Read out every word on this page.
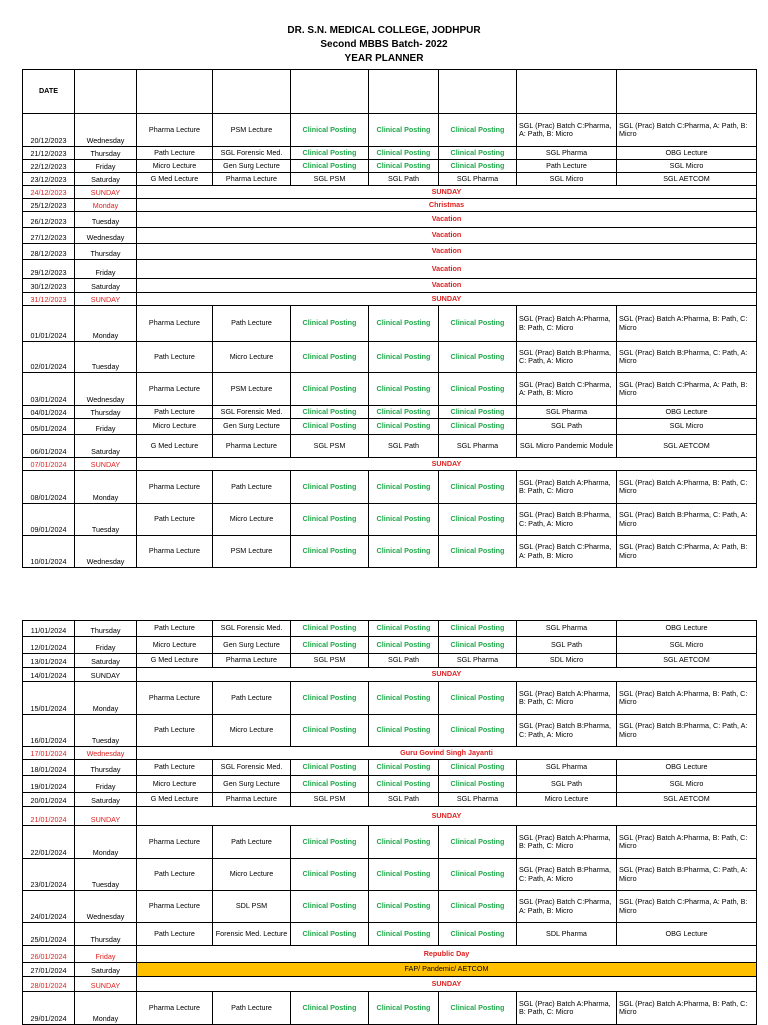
DR. S.N. MEDICAL COLLEGE, JODHPUR
Second MBBS Batch- 2022
YEAR PLANNER
DATE								
20/12/2023	Wednesday	Pharma Lecture	PSM Lecture	Clinical Posting	Clinical Posting	Clinical Posting	SGL (Prac) Batch C:Pharma, A: Path, B: Micro	SGL (Prac) Batch C:Pharma, A: Path, B: Micro
21/12/2023	Thursday	Path Lecture	SGL Forensic Med.	Clinical Posting	Clinical Posting	Clinical Posting	SGL Pharma	OBG Lecture
22/12/2023	Friday	Micro Lecture	Gen Surg Lecture	Clinical Posting	Clinical Posting	Clinical Posting	Path Lecture	SGL Micro
23/12/2023	Saturday	G Med Lecture	Pharma Lecture	SGL PSM	SGL Path	SGL Pharma	SGL Micro	SGL AETCOM
24/12/2023	SUNDAY	SUNDAY						
25/12/2023	Monday	Christmas						
26/12/2023	Tuesday	Vacation						
27/12/2023	Wednesday	Vacation						
28/12/2023	Thursday	Vacation						
29/12/2023	Friday	Vacation						
30/12/2023	Saturday	Vacation						
31/12/2023	SUNDAY	SUNDAY						
01/01/2024	Monday	Pharma Lecture	Path Lecture	Clinical Posting	Clinical Posting	Clinical Posting	SGL (Prac) Batch A:Pharma, B: Path, C: Micro	SGL (Prac) Batch A:Pharma, B: Path, C: Micro
02/01/2024	Tuesday	Path Lecture	Micro Lecture	Clinical Posting	Clinical Posting	Clinical Posting	SGL (Prac) Batch B:Pharma, C: Path, A: Micro	SGL (Prac) Batch B:Pharma, C: Path, A: Micro
03/01/2024	Wednesday	Pharma Lecture	PSM Lecture	Clinical Posting	Clinical Posting	Clinical Posting	SGL (Prac) Batch C:Pharma, A: Path, B: Micro	SGL (Prac) Batch C:Pharma, A: Path, B: Micro
04/01/2024	Thursday	Path Lecture	SGL Forensic Med.	Clinical Posting	Clinical Posting	Clinical Posting	SGL Pharma	OBG Lecture
05/01/2024	Friday	Micro Lecture	Gen Surg Lecture	Clinical Posting	Clinical Posting	Clinical Posting	SGL Path	SGL Micro
06/01/2024	Saturday	G Med Lecture	Pharma Lecture	SGL PSM	SGL Path	SGL Pharma	SGL Micro Pandemic Module	SGL AETCOM
07/01/2024	SUNDAY	SUNDAY						
08/01/2024	Monday	Pharma Lecture	Path Lecture	Clinical Posting	Clinical Posting	Clinical Posting	SGL (Prac) Batch A:Pharma, B: Path, C: Micro	SGL (Prac) Batch A:Pharma, B: Path, C: Micro
09/01/2024	Tuesday	Path Lecture	Micro Lecture	Clinical Posting	Clinical Posting	Clinical Posting	SGL (Prac) Batch B:Pharma, C: Path, A: Micro	SGL (Prac) Batch B:Pharma, C: Path, A: Micro
10/01/2024	Wednesday	Pharma Lecture	PSM Lecture	Clinical Posting	Clinical Posting	Clinical Posting	SGL (Prac) Batch C:Pharma, A: Path, B: Micro	SGL (Prac) Batch C:Pharma, A: Path, B: Micro
11/01/2024	Thursday	Path Lecture	SGL Forensic Med.	Clinical Posting	Clinical Posting	Clinical Posting	SGL Pharma	OBG Lecture
12/01/2024	Friday	Micro Lecture	Gen Surg Lecture	Clinical Posting	Clinical Posting	Clinical Posting	SGL Path	SGL Micro
13/01/2024	Saturday	G Med Lecture	Pharma Lecture	SGL PSM	SGL Path	SGL Pharma	SDL Micro	SGL AETCOM
14/01/2024	SUNDAY	SUNDAY						
15/01/2024	Monday	Pharma Lecture	Path Lecture	Clinical Posting	Clinical Posting	Clinical Posting	SGL (Prac) Batch A:Pharma, B: Path, C: Micro	SGL (Prac) Batch A:Pharma, B: Path, C: Micro
16/01/2024	Tuesday	Path Lecture	Micro Lecture	Clinical Posting	Clinical Posting	Clinical Posting	SGL (Prac) Batch B:Pharma, C: Path, A: Micro	SGL (Prac) Batch B:Pharma, C: Path, A: Micro
17/01/2024	Wednesday	Guru Govind Singh Jayanti						
18/01/2024	Thursday	Path Lecture	SGL Forensic Med.	Clinical Posting	Clinical Posting	Clinical Posting	SGL Pharma	OBG Lecture
19/01/2024	Friday	Micro Lecture	Gen Surg Lecture	Clinical Posting	Clinical Posting	Clinical Posting	SGL Path	SGL Micro
20/01/2024	Saturday	G Med Lecture	Pharma Lecture	SGL PSM	SGL Path	SGL Pharma	Micro Lecture	SGL AETCOM
21/01/2024	SUNDAY	SUNDAY						
22/01/2024	Monday	Pharma Lecture	Path Lecture	Clinical Posting	Clinical Posting	Clinical Posting	SGL (Prac) Batch A:Pharma, B: Path, C: Micro	SGL (Prac) Batch A:Pharma, B: Path, C: Micro
23/01/2024	Tuesday	Path Lecture	Micro Lecture	Clinical Posting	Clinical Posting	Clinical Posting	SGL (Prac) Batch B:Pharma, C: Path, A: Micro	SGL (Prac) Batch B:Pharma, C: Path, A: Micro
24/01/2024	Wednesday	Pharma Lecture	SDL PSM	Clinical Posting	Clinical Posting	Clinical Posting	SGL (Prac) Batch C:Pharma, A: Path, B: Micro	SGL (Prac) Batch C:Pharma, A: Path, B: Micro
25/01/2024	Thursday	Path Lecture	Forensic Med. Lecture	Clinical Posting	Clinical Posting	Clinical Posting	SDL Pharma	OBG Lecture
26/01/2024	Friday	Republic Day						
27/01/2024	Saturday	FAP/ Pandemic/ AETCOM						
28/01/2024	SUNDAY	SUNDAY						
29/01/2024	Monday	Pharma Lecture	Path Lecture	Clinical Posting	Clinical Posting	Clinical Posting	SGL (Prac) Batch A:Pharma, B: Path, C: Micro	SGL (Prac) Batch A:Pharma, B: Path, C: Micro
